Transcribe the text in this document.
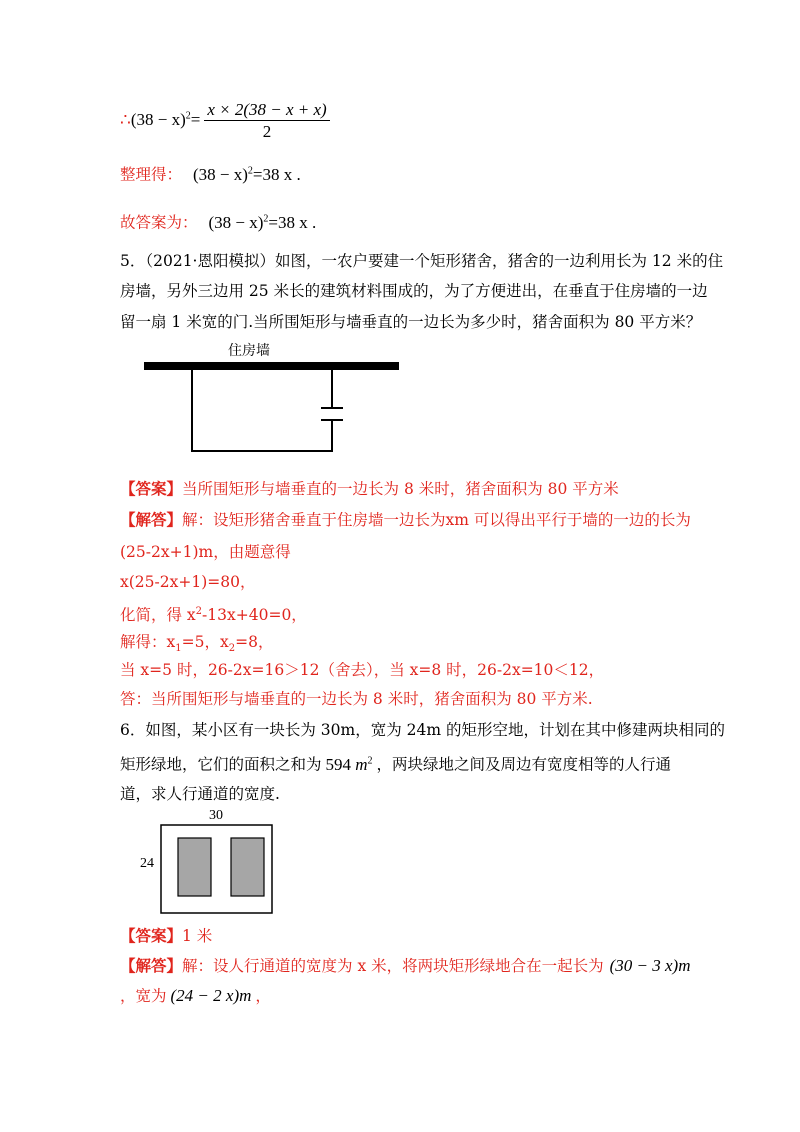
∴(38 − $x)^2= \frac{x \times 2(38 - x + x)}{2}$
整理得： $(38 - x)^2=38$ x .
故答案为： $(38 - x)^2=38$ x .
5．（2021·恩阳模拟）如图，一农户要建一个矩形猪舍，猪舍的一边利用长为 12 米的住
房墙，另外三边用 25 米长的建筑材料围成的，为了方便进出，在垂直于住房墙的一边
留一扇 1 米宽的门.当所围矩形与墙垂直的一边长为多少时，猪舍面积为 80 平方米？
住房墙
【答案】当所围矩形与墙垂直的一边长为 8 米时，猪舍面积为 80 平方米
【解答】解：设矩形猪舍垂直于住房墙一边长为xm 可以得出平行于墙的一边的长为
(25-2x+1)m，由题意得
x(25-2x+1)=80，
化简，得 $x^2-13x+40=0$，
解得：$x_1=5$，$x_2=8$，
当 x=5 时，26-2x=16＞12（舍去），当 x=8 时，26-2x=10＜12，
答：当所围矩形与墙垂直的一边长为 8 米时，猪舍面积为 80 平方米.
6．如图，某小区有一块长为 30m，宽为 24m 的矩形空地，计划在其中修建两块相同的
矩形绿地，它们的面积之和为 594 $m^2$ ，两块绿地之间及周边有宽度相等的人行通
道，求人行通道的宽度.
30
24
【答案】1 米
【解答】解：设人行通道的宽度为 x 米，将两块矩形绿地合在一起长为 (30 − 3 x)m
，宽为 (24 − 2 x)m ，
